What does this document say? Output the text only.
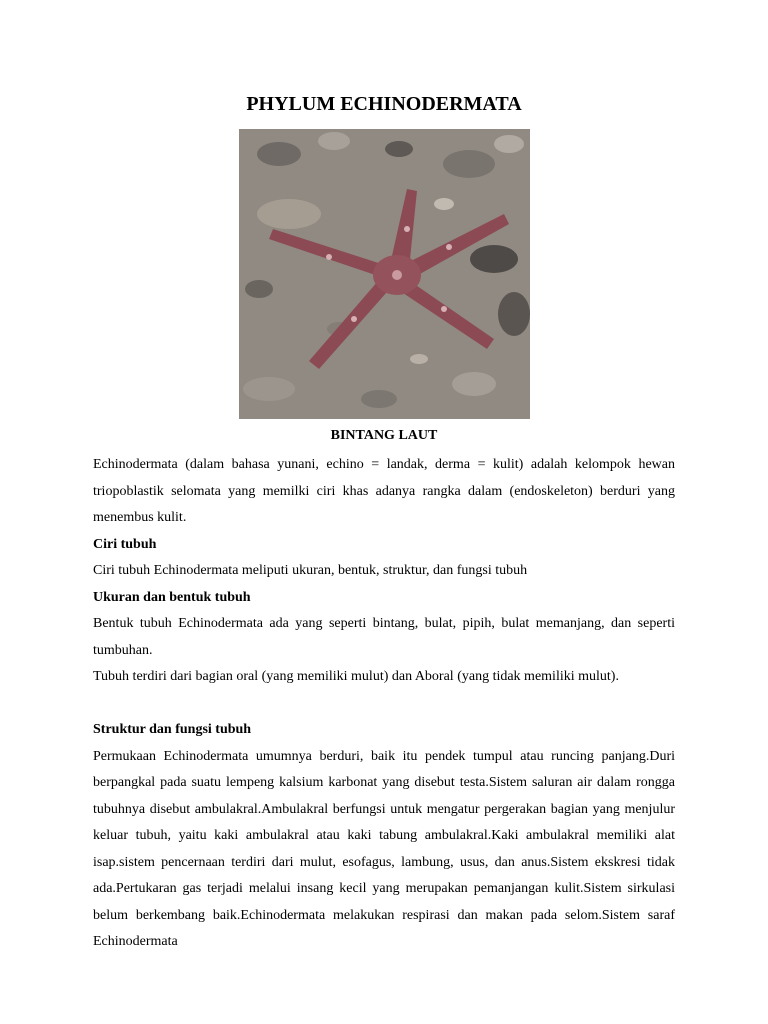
PHYLUM ECHINODERMATA
BINTANG LAUT

Echinodermata (dalam bahasa yunani, echino = landak, derma = kulit) adalah kelompok hewan triopoblastik selomata yang memilki ciri khas adanya rangka dalam (endoskeleton) berduri yang menembus kulit.

Ciri tubuh

Ciri tubuh Echinodermata meliputi ukuran, bentuk, struktur, dan fungsi tubuh

Ukuran dan bentuk tubuh

Bentuk tubuh Echinodermata ada yang seperti bintang, bulat, pipih, bulat memanjang, dan seperti tumbuhan.

Tubuh terdiri dari bagian oral (yang memiliki mulut) dan Aboral (yang tidak memiliki mulut).

Struktur dan fungsi tubuh

Permukaan Echinodermata umumnya berduri, baik itu pendek tumpul atau runcing panjang.Duri berpangkal pada suatu lempeng kalsium karbonat yang disebut testa.Sistem saluran air dalam rongga tubuhnya disebut ambulakral.Ambulakral berfungsi untuk mengatur pergerakan bagian yang menjulur keluar tubuh, yaitu kaki ambulakral atau kaki tabung ambulakral.Kaki ambulakral memiliki alat isap.sistem pencernaan terdiri dari mulut, esofagus, lambung, usus, dan anus.Sistem ekskresi tidak ada.Pertukaran gas terjadi melalui insang kecil yang merupakan pemanjangan kulit.Sistem sirkulasi belum berkembang baik.Echinodermata melakukan respirasi dan makan pada selom.Sistem saraf Echinodermata
